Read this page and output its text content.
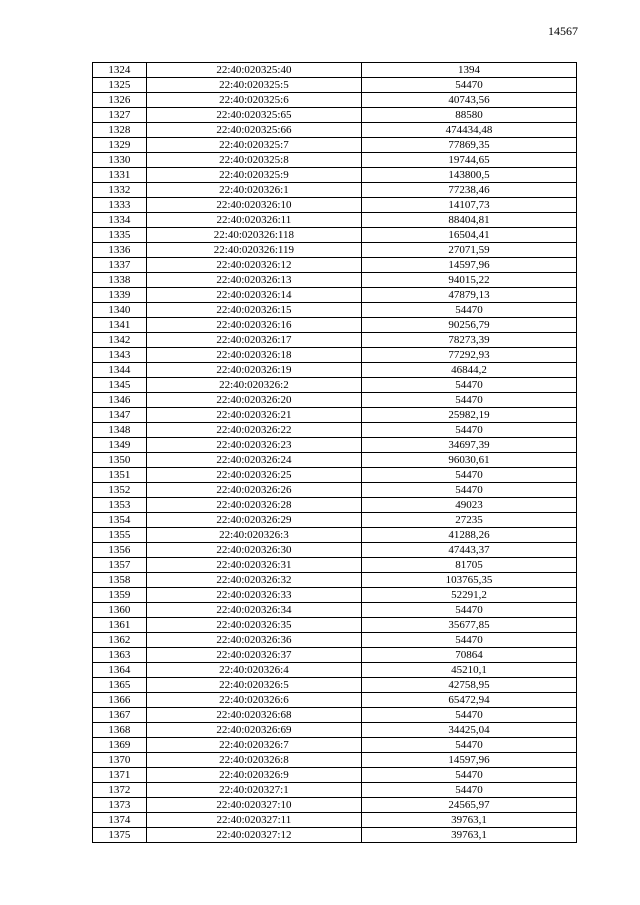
14567
1324	22:40:020325:40	1394
1325	22:40:020325:5	54470
1326	22:40:020325:6	40743,56
1327	22:40:020325:65	88580
1328	22:40:020325:66	474434,48
1329	22:40:020325:7	77869,35
1330	22:40:020325:8	19744,65
1331	22:40:020325:9	143800,5
1332	22:40:020326:1	77238,46
1333	22:40:020326:10	14107,73
1334	22:40:020326:11	88404,81
1335	22:40:020326:118	16504,41
1336	22:40:020326:119	27071,59
1337	22:40:020326:12	14597,96
1338	22:40:020326:13	94015,22
1339	22:40:020326:14	47879,13
1340	22:40:020326:15	54470
1341	22:40:020326:16	90256,79
1342	22:40:020326:17	78273,39
1343	22:40:020326:18	77292,93
1344	22:40:020326:19	46844,2
1345	22:40:020326:2	54470
1346	22:40:020326:20	54470
1347	22:40:020326:21	25982,19
1348	22:40:020326:22	54470
1349	22:40:020326:23	34697,39
1350	22:40:020326:24	96030,61
1351	22:40:020326:25	54470
1352	22:40:020326:26	54470
1353	22:40:020326:28	49023
1354	22:40:020326:29	27235
1355	22:40:020326:3	41288,26
1356	22:40:020326:30	47443,37
1357	22:40:020326:31	81705
1358	22:40:020326:32	103765,35
1359	22:40:020326:33	52291,2
1360	22:40:020326:34	54470
1361	22:40:020326:35	35677,85
1362	22:40:020326:36	54470
1363	22:40:020326:37	70864
1364	22:40:020326:4	45210,1
1365	22:40:020326:5	42758,95
1366	22:40:020326:6	65472,94
1367	22:40:020326:68	54470
1368	22:40:020326:69	34425,04
1369	22:40:020326:7	54470
1370	22:40:020326:8	14597,96
1371	22:40:020326:9	54470
1372	22:40:020327:1	54470
1373	22:40:020327:10	24565,97
1374	22:40:020327:11	39763,1
1375	22:40:020327:12	39763,1
